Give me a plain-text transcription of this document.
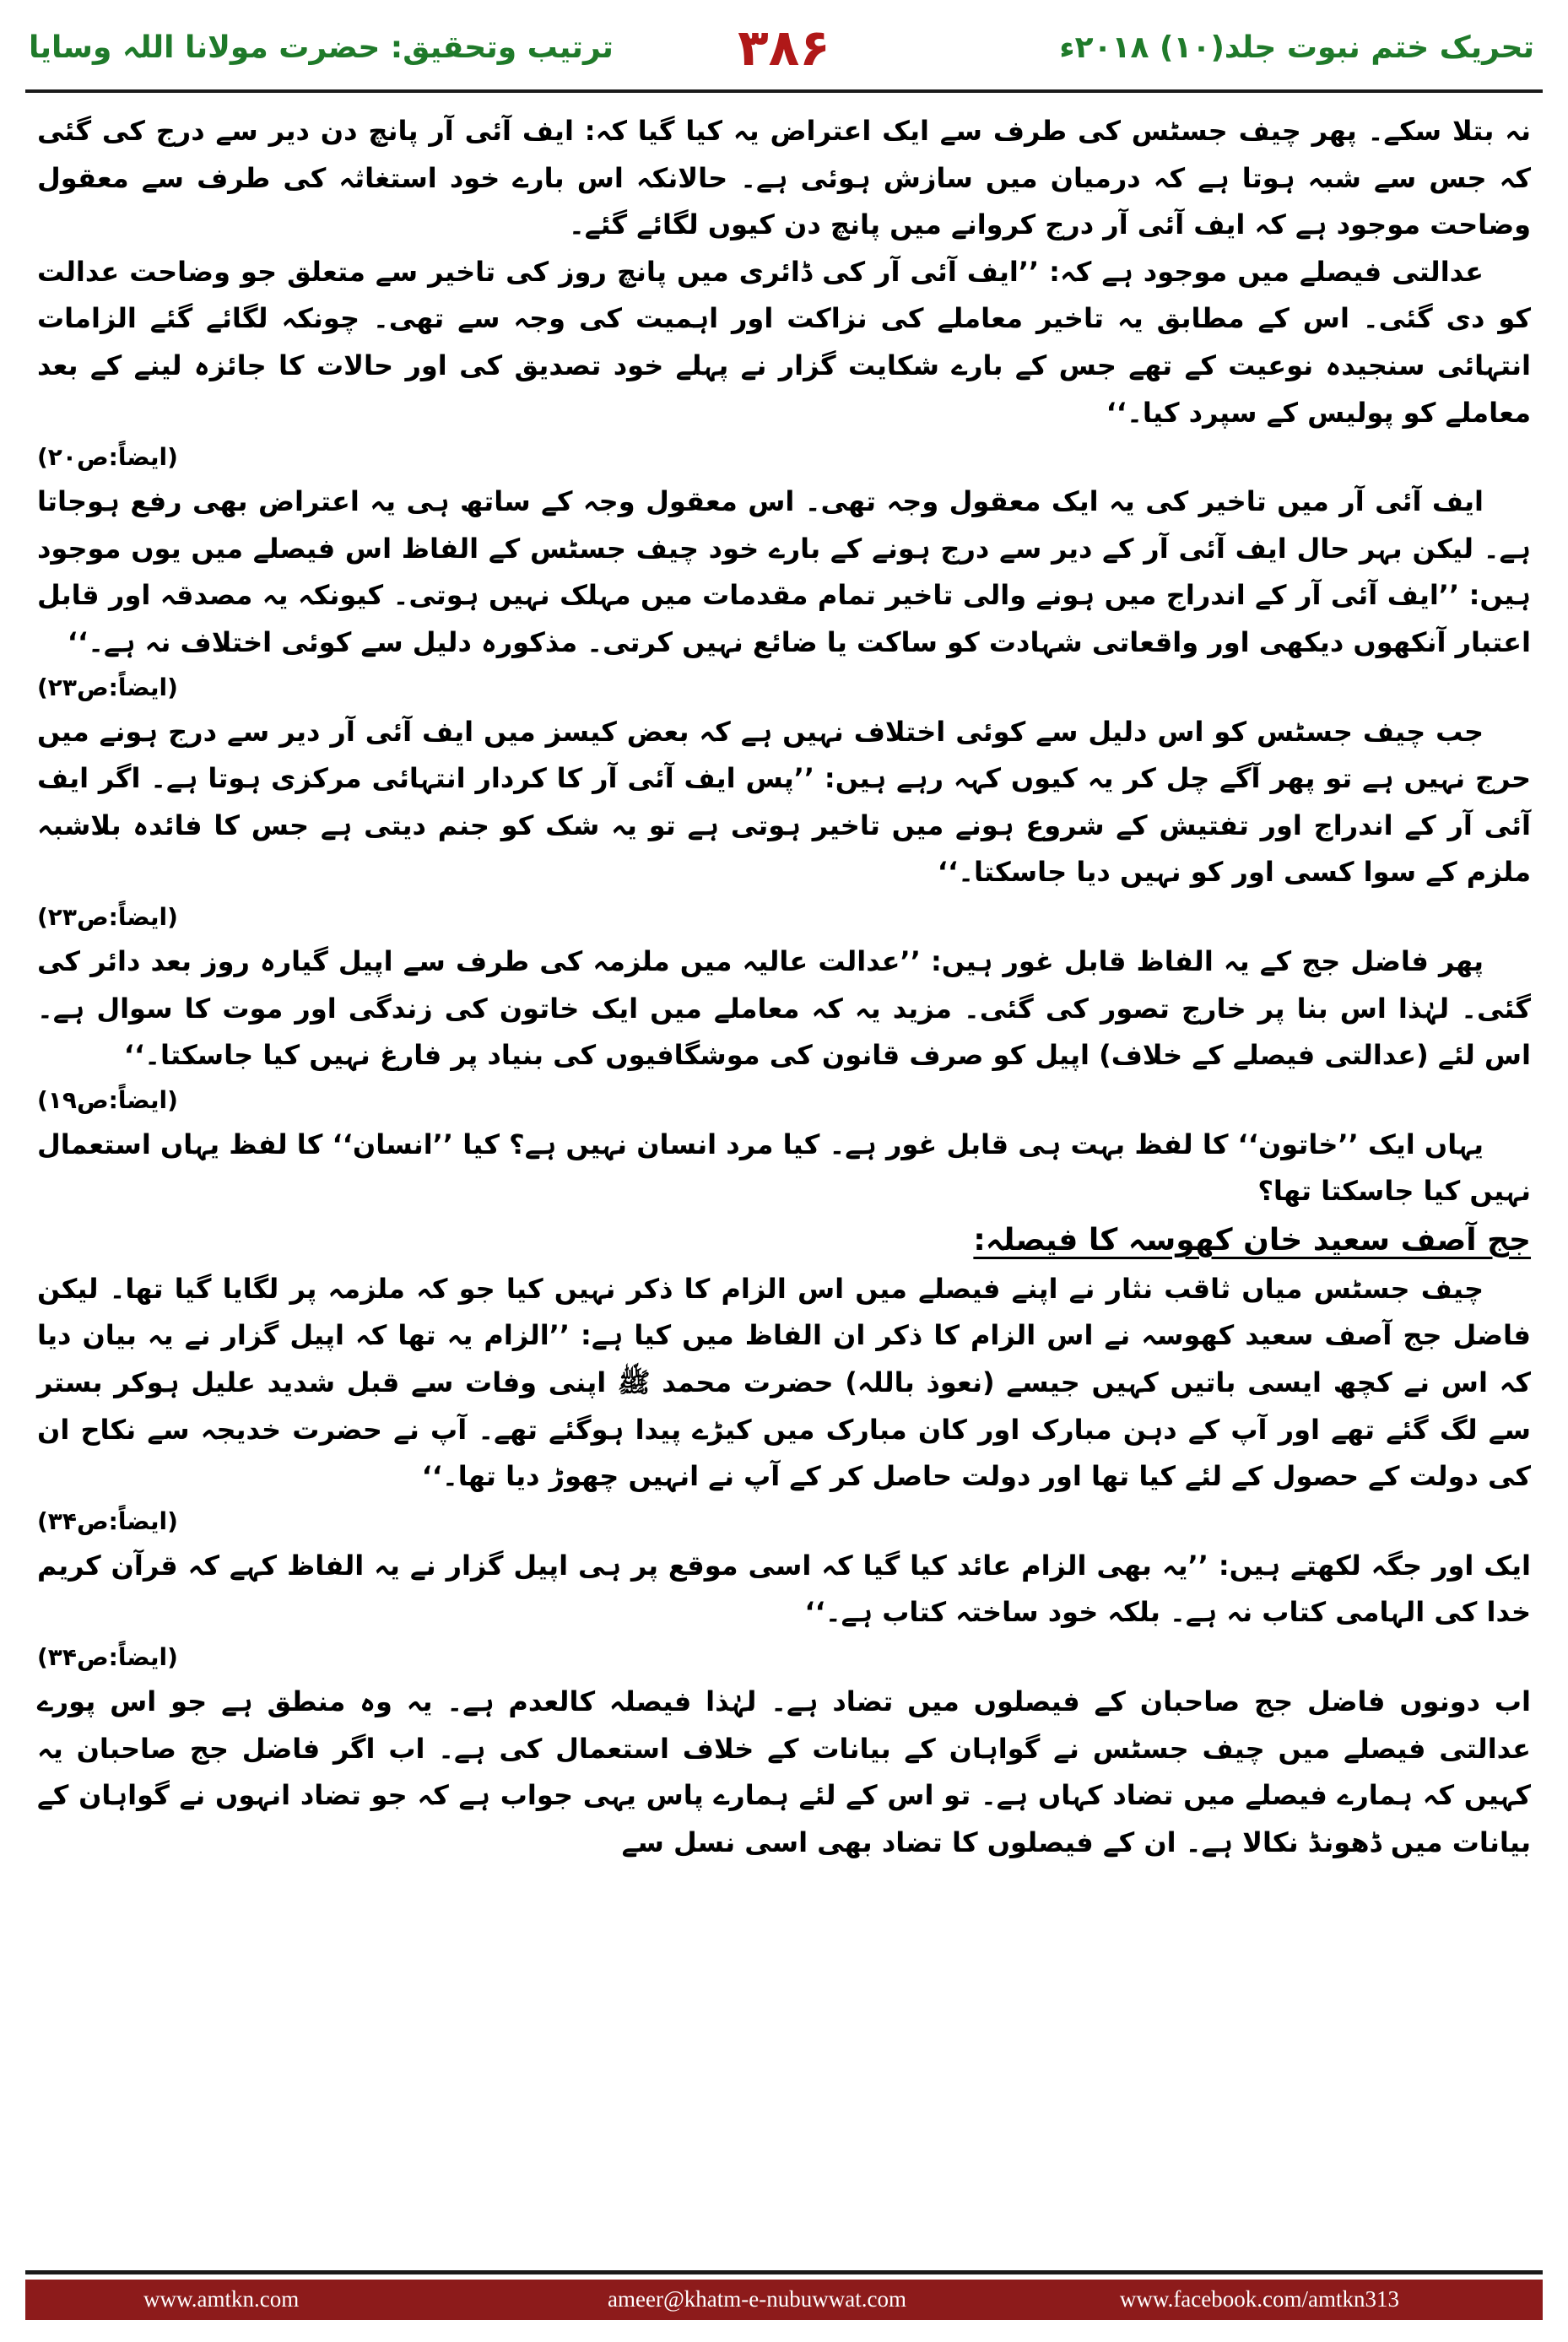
ترتیب وتحقیق: حضرت مولانا اللہ وسایا	۳۸۶	تحریک ختم نبوت جلد(۱۰) ۲۰۱۸ء

نہ بتلا سکے۔ پھر چیف جسٹس کی طرف سے ایک اعتراض یہ کیا گیا کہ: ایف آئی آر پانچ دن دیر سے درج کی گئی کہ جس سے شبہ ہوتا ہے کہ درمیان میں سازش ہوئی ہے۔ حالانکہ اس بارے خود استغاثہ کی طرف سے معقول وضاحت موجود ہے کہ ایف آئی آر درج کروانے میں پانچ دن کیوں لگائے گئے۔

عدالتی فیصلے میں موجود ہے کہ: ’’ایف آئی آر کی ڈائری میں پانچ روز کی تاخیر سے متعلق جو وضاحت عدالت کو دی گئی۔ اس کے مطابق یہ تاخیر معاملے کی نزاکت اور اہمیت کی وجہ سے تھی۔ چونکہ لگائے گئے الزامات انتہائی سنجیدہ نوعیت کے تھے جس کے بارے شکایت گزار نے پہلے خود تصدیق کی اور حالات کا جائزہ لینے کے بعد معاملے کو پولیس کے سپرد کیا۔‘‘

(ایضاً:ص۲۰)

ایف آئی آر میں تاخیر کی یہ ایک معقول وجہ تھی۔ اس معقول وجہ کے ساتھ ہی یہ اعتراض بھی رفع ہوجاتا ہے۔ لیکن بہر حال ایف آئی آر کے دیر سے درج ہونے کے بارے خود چیف جسٹس کے الفاظ اس فیصلے میں یوں موجود ہیں: ’’ایف آئی آر کے اندراج میں ہونے والی تاخیر تمام مقدمات میں مہلک نہیں ہوتی۔ کیونکہ یہ مصدقہ اور قابل اعتبار آنکھوں دیکھی اور واقعاتی شہادت کو ساکت یا ضائع نہیں کرتی۔ مذکورہ دلیل سے کوئی اختلاف نہ ہے۔‘‘

(ایضاً:ص۲۳)

جب چیف جسٹس کو اس دلیل سے کوئی اختلاف نہیں ہے کہ بعض کیسز میں ایف آئی آر دیر سے درج ہونے میں حرج نہیں ہے تو پھر آگے چل کر یہ کیوں کہہ رہے ہیں: ’’پس ایف آئی آر کا کردار انتہائی مرکزی ہوتا ہے۔ اگر ایف آئی آر کے اندراج اور تفتیش کے شروع ہونے میں تاخیر ہوتی ہے تو یہ شک کو جنم دیتی ہے جس کا فائدہ بلاشبہ ملزم کے سوا کسی اور کو نہیں دیا جاسکتا۔‘‘

(ایضاً:ص۲۳)

پھر فاضل جج کے یہ الفاظ قابل غور ہیں: ’’عدالت عالیہ میں ملزمہ کی طرف سے اپیل گیارہ روز بعد دائر کی گئی۔ لہٰذا اس بنا پر خارج تصور کی گئی۔ مزید یہ کہ معاملے میں ایک خاتون کی زندگی اور موت کا سوال ہے۔ اس لئے (عدالتی فیصلے کے خلاف) اپیل کو صرف قانون کی موشگافیوں کی بنیاد پر فارغ نہیں کیا جاسکتا۔‘‘

(ایضاً:ص۱۹)

یہاں ایک ’’خاتون‘‘ کا لفظ بہت ہی قابل غور ہے۔ کیا مرد انسان نہیں ہے؟ کیا ’’انسان‘‘ کا لفظ یہاں استعمال نہیں کیا جاسکتا تھا؟

جج آصف سعید خان کھوسہ کا فیصلہ:

چیف جسٹس میاں ثاقب نثار نے اپنے فیصلے میں اس الزام کا ذکر نہیں کیا جو کہ ملزمہ پر لگایا گیا تھا۔ لیکن فاضل جج آصف سعید کھوسہ نے اس الزام کا ذکر ان الفاظ میں کیا ہے: ’’الزام یہ تھا کہ اپیل گزار نے یہ بیان دیا کہ اس نے کچھ ایسی باتیں کہیں جیسے (نعوذ باللہ) حضرت محمد ﷺ اپنی وفات سے قبل شدید علیل ہوکر بستر سے لگ گئے تھے اور آپ کے دہن مبارک اور کان مبارک میں کیڑے پیدا ہوگئے تھے۔ آپ نے حضرت خدیجہ سے نکاح ان کی دولت کے حصول کے لئے کیا تھا اور دولت حاصل کر کے آپ نے انہیں چھوڑ دیا تھا۔‘‘

(ایضاً:ص۳۴)

ایک اور جگہ لکھتے ہیں: ’’یہ بھی الزام عائد کیا گیا کہ اسی موقع پر ہی اپیل گزار نے یہ الفاظ کہے کہ قرآن کریم خدا کی الہامی کتاب نہ ہے۔ بلکہ خود ساختہ کتاب ہے۔‘‘

(ایضاً:ص۳۴)

اب دونوں فاضل جج صاحبان کے فیصلوں میں تضاد ہے۔ لہٰذا فیصلہ کالعدم ہے۔ یہ وہ منطق ہے جو اس پورے عدالتی فیصلے میں چیف جسٹس نے گواہان کے بیانات کے خلاف استعمال کی ہے۔ اب اگر فاضل جج صاحبان یہ کہیں کہ ہمارے فیصلے میں تضاد کہاں ہے۔ تو اس کے لئے ہمارے پاس یہی جواب ہے کہ جو تضاد انہوں نے گواہان کے بیانات میں ڈھونڈ نکالا ہے۔ ان کے فیصلوں کا تضاد بھی اسی نسل سے

www.amtkn.com	ameer@khatm-e-nubuwwat.com	www.facebook.com/amtkn313
